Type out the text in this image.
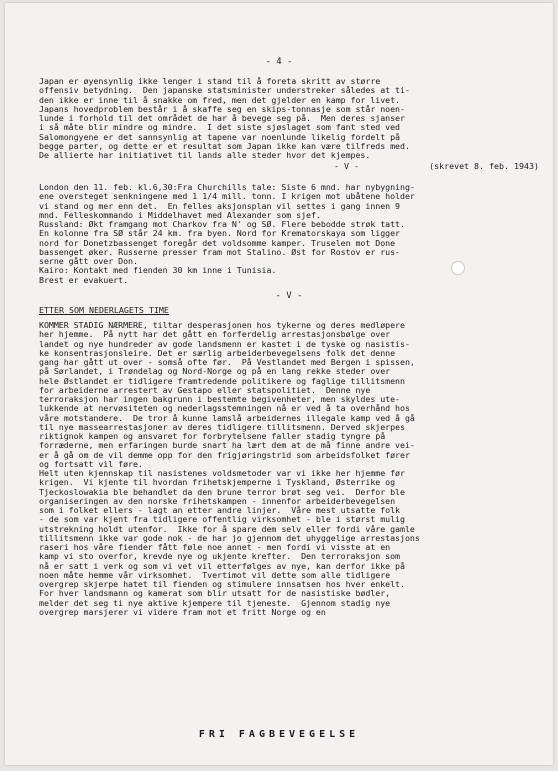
- 4 -
Japan er øyensynlig ikke lenger i stand til å foreta skritt av større
offensiv betydning.  Den japanske statsminister understreker således at ti-
den ikke er inne til å snakke om fred, men det gjelder en kamp for livet.
Japans hovedproblem består i å skaffe seg en skips-tonnasje som står noen-
lunde i forhold til det området de har å bevege seg på.  Men deres sjanser
i så måte blir mindre og mindre.  I det siste sjøslaget som fant sted ved
Salomongyene er det sannsynlig at tapene var noenlunde likelig fordelt på
begge parter, og dette er et resultat som Japan ikke kan være tilfreds med.
De allierte har initiativet til lands alle steder hvor det kjempes.
- V -	(skrevet 8. feb. 1943)
London den 11. feb. kl.6,30:Fra Churchills tale: Siste 6 mnd. har nybygning-
ene oversteget senkningene med 1 1/4 mill. tonn. I krigen mot ubåtene holder
vi stand og mer enn det.  En felles aksjonsplan vil settes i gang innen 9
mnd. Felleskommando i Middelhavet med Alexander som sjef.
Russland: Økt framgang mot Charkov fra N' og SØ. Flere bebodde strøk tatt.
En kolonne fra SØ står 24 km. fra byen. Nord for Krematorskaya som ligger
nord for Donetzbassenget foregår det voldsomme kamper. Truselen mot Done
bassenget øker. Russerne presser fram mot Stalino. Øst for Rostov er rus-
serne gått over Don.
Kairo: Kontakt med fienden 30 km inne i Tunisia.
Brest er evakuert.
- V -
ETTER SOM NEDERLAGETS TIME
KOMMER STADIG NÆRMERE, tiltar desperasjonen hos tykerne og deres medløpere
her hjemme.  På nytt har det gått en forferdelig arrestasjonsbølge over
landet og nye hundreder av gode landsmenn er kastet i de tyske og nasistis-
ke konsentrasjonsleire. Det er særlig arbeiderbevegelsens folk det denne
gang har gått ut over - somså ofte før.  På Vestlandet med Bergen i spissen,
på Sørlandet, i Trøndelag og Nord-Norge og på en lang rekke steder over
hele Østlandet er tidligere framtredende politikere og faglige tillitsmenn
for arbeiderne arrestert av Gestapo eller statspolitiet.  Denne nye
terroraksjon har ingen bakgrunn i bestemte begivenheter, men skyldes ute-
lukkende at nervøsiteten og nederlagsstemningen nå er ved å ta overhånd hos
våre motstandere.  De tror å kunne lamslå arbeidernes illegale kamp ved å gå
til nye massearrestasjoner av deres tidligere tillitsmenn. Derved skjerpes
riktignok kampen og ansvaret for forbrytelsene faller stadig tyngre på
forræderne, men erfaringen burde snart ha lært dem at de må finne andre vei-
er å gå om de vil demme opp for den frigjøringstrid som arbeidsfolket fører
og fortsatt vil føre.
Helt uten kjennskap til nasistenes voldsmetoder var vi ikke her hjemme før
krigen.  Vi kjente til hvordan frihetskjemperne i Tyskland, Østerrike og
Tjeckoslowakia ble behandlet da den brune terror brøt seg vei.  Derfor ble
organiseringen av den norske frihetskampen - innenfor arbeiderbevegelsen
som i folket ellers - lagt an etter andre linjer.  Våre mest utsatte folk
- de som var kjent fra tidligere offentlig virksomhet - ble i størst mulig
utstrekning holdt utenfor.  Ikke for å spare dem selv eller fordi våre gamle
tillitsmenn ikke var gode nok - de har jo gjennom det uhyggelige arrestasjons
raseri hos våre fiender fått føle noe annet - men fordi vi visste at en
kamp vi sto overfor, krevde nye og ukjente krefter.  Den terroraksjon som
nå er satt i verk og som vi vet vil etterfølges av nye, kan derfor ikke på
noen måte hemme vår virksomhet.  Tvertimot vil dette som alle tidligere
overgrep skjerpe hatet til fienden og stimulere innsatsen hos hver enkelt.
For hver landsmann og kamerat som blir utsatt for de nasistiske bødler,
melder det seg ti nye aktive kjempere til tjeneste.  Gjennom stadig nye
overgrep marsjerer vi videre fram mot et fritt Norge og en
FRI FAGBEVEGELSE
